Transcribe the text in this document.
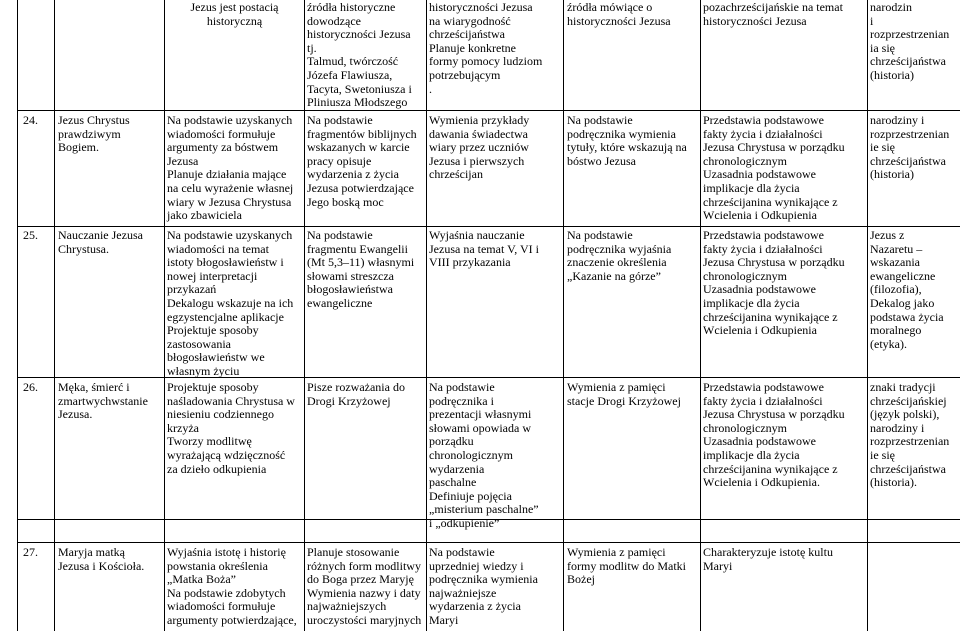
Jezus jest postacią
historyczną
źródła historyczne
dowodzące
historyczności Jezusa
tj.
Talmud, twórczość
Józefa Flawiusza,
Tacyta, Swetoniusza i
Pliniusza Młodszego
historyczności Jezusa
na wiarygodność
chrześcijaństwa
Planuje konkretne
formy pomocy ludziom
potrzebującym
.
źródła mówiące o
historyczności Jezusa
pozachrześcijańskie na temat
historyczności Jezusa
narodzin
i
rozprzestrzenian
ia się
chrześcijaństwa
(historia)
24. Jezus Chrystus
prawdziwym
Bogiem.
Na podstawie uzyskanych
wiadomości formułuje
argumenty za bóstwem
Jezusa
Planuje działania mające
na celu wyrażenie własnej
wiary w Jezusa Chrystusa
jako zbawiciela
Na podstawie
fragmentów biblijnych
wskazanych w karcie
pracy opisuje
wydarzenia z życia
Jezusa potwierdzające
Jego boską moc
Wymienia przykłady
dawania świadectwa
wiary przez uczniów
Jezusa i pierwszych
chrześcijan
Na podstawie
podręcznika wymienia
tytuły, które wskazują na
bóstwo Jezusa
Przedstawia podstawowe
fakty życia i działalności
Jezusa Chrystusa w porządku
chronologicznym
Uzasadnia podstawowe
implikacje dla życia
chrześcijanina wynikające z
Wcielenia i Odkupienia
narodziny i
rozprzestrzenian
ie się
chrześcijaństwa
(historia)
25. Nauczanie Jezusa
Chrystusa.
Na podstawie uzyskanych
wiadomości na temat
istoty błogosławieństw i
nowej interpretacji
przykazań
Dekalogu wskazuje na ich
egzystencjalne aplikacje
Projektuje sposoby
zastosowania
błogosławieństw we
własnym życiu
Na podstawie
fragmentu Ewangelii
(Mt 5,3–11) własnymi
słowami streszcza
błogosławieństwa
ewangeliczne
Wyjaśnia nauczanie
Jezusa na temat V, VI i
VIII przykazania
Na podstawie
podręcznika wyjaśnia
znaczenie określenia
„Kazanie na górze”
Przedstawia podstawowe
fakty życia i działalności
Jezusa Chrystusa w porządku
chronologicznym
Uzasadnia podstawowe
implikacje dla życia
chrześcijanina wynikające z
Wcielenia i Odkupienia
Jezus z
Nazaretu –
wskazania
ewangeliczne
(filozofia),
Dekalog jako
podstawa życia
moralnego
(etyka).
26. Męka, śmierć i
zmartwychwstanie
Jezusa.
Projektuje sposoby
naśladowania Chrystusa w
niesieniu codziennego
krzyża
Tworzy modlitwę
wyrażającą wdzięczność
za dzieło odkupienia
Pisze rozważania do
Drogi Krzyżowej
Na podstawie
podręcznika i
prezentacji własnymi
słowami opowiada w
porządku
chronologicznym
wydarzenia
paschalne
Definiuje pojęcia
„misterium paschalne”
i „odkupienie”
Wymienia z pamięci
stacje Drogi Krzyżowej
Przedstawia podstawowe
fakty życia i działalności
Jezusa Chrystusa w porządku
chronologicznym
Uzasadnia podstawowe
implikacje dla życia
chrześcijanina wynikające z
Wcielenia i Odkupienia.
znaki tradycji
chrześcijańskiej
(język polski),
narodziny i
rozprzestrzenian
ie się
chrześcijaństwa
(historia).
27. Maryja matką
Jezusa i Kościoła.
Wyjaśnia istotę i historię
powstania określenia
„Matka Boża”
Na podstawie zdobytych
wiadomości formułuje
argumenty potwierdzające,
Planuje stosowanie
różnych form modlitwy
do Boga przez Maryję
Wymienia nazwy i daty
najważniejszych
uroczystości maryjnych
Na podstawie
uprzedniej wiedzy i
podręcznika wymienia
najważniejsze
wydarzenia z życia
Maryi
Wymienia z pamięci
formy modlitw do Matki
Bożej
Charakteryzuje istotę kultu
Maryi
